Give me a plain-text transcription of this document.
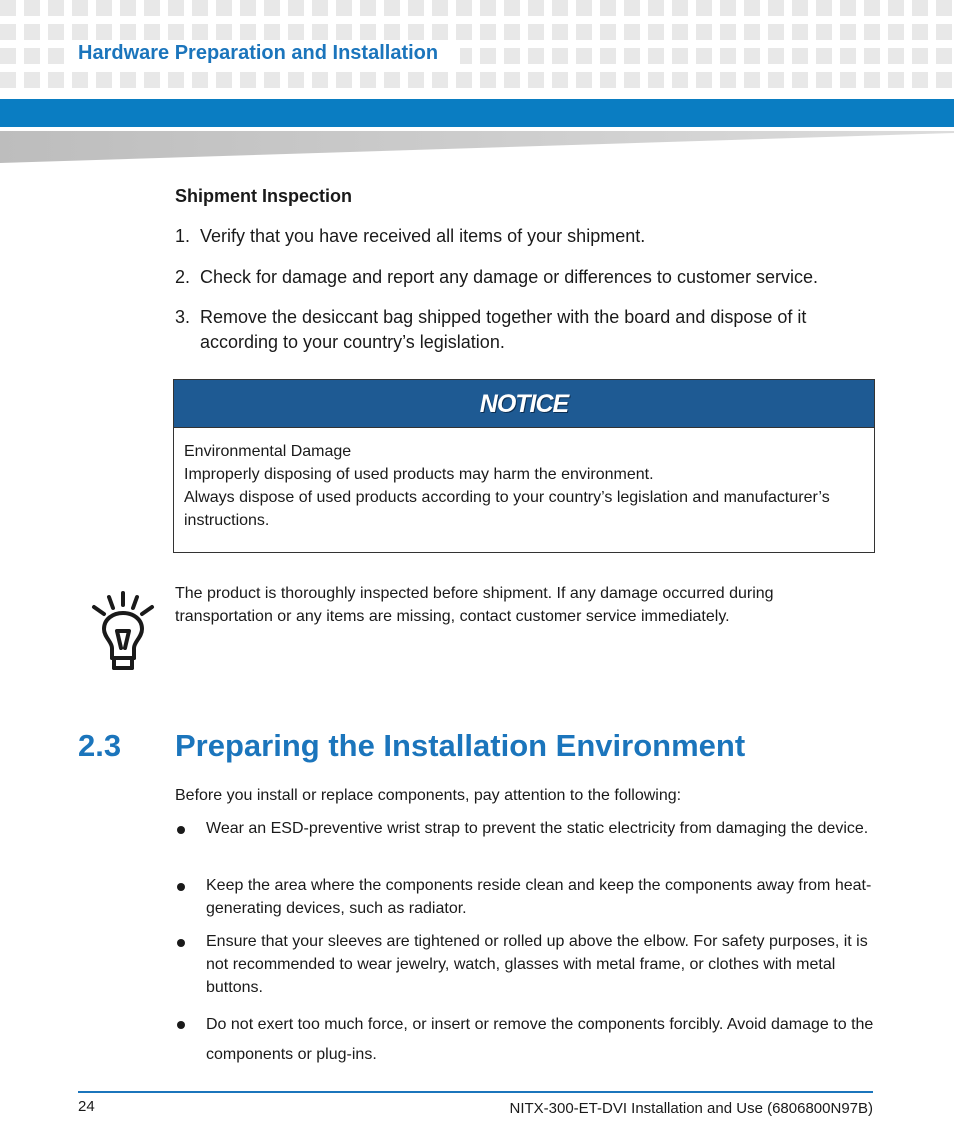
Hardware Preparation and Installation
Shipment Inspection
1. Verify that you have received all items of your shipment.
2. Check for damage and report any damage or differences to customer service.
3. Remove the desiccant bag shipped together with the board and dispose of it according to your country’s legislation.
NOTICE
Environmental Damage
Improperly disposing of used products may harm the environment.
Always dispose of used products according to your country’s legislation and manufacturer’s instructions.
The product is thoroughly inspected before shipment. If any damage occurred during transportation or any items are missing, contact customer service immediately.
2.3 Preparing the Installation Environment
Before you install or replace components, pay attention to the following:
Wear an ESD-preventive wrist strap to prevent the static electricity from damaging the device.
Keep the area where the components reside clean and keep the components away from heat-generating devices, such as radiator.
Ensure that your sleeves are tightened or rolled up above the elbow. For safety purposes, it is not recommended to wear jewelry, watch, glasses with metal frame, or clothes with metal buttons.
Do not exert too much force, or insert or remove the components forcibly. Avoid damage to the components or plug-ins.
24	NITX-300-ET-DVI Installation and Use (6806800N97B)
